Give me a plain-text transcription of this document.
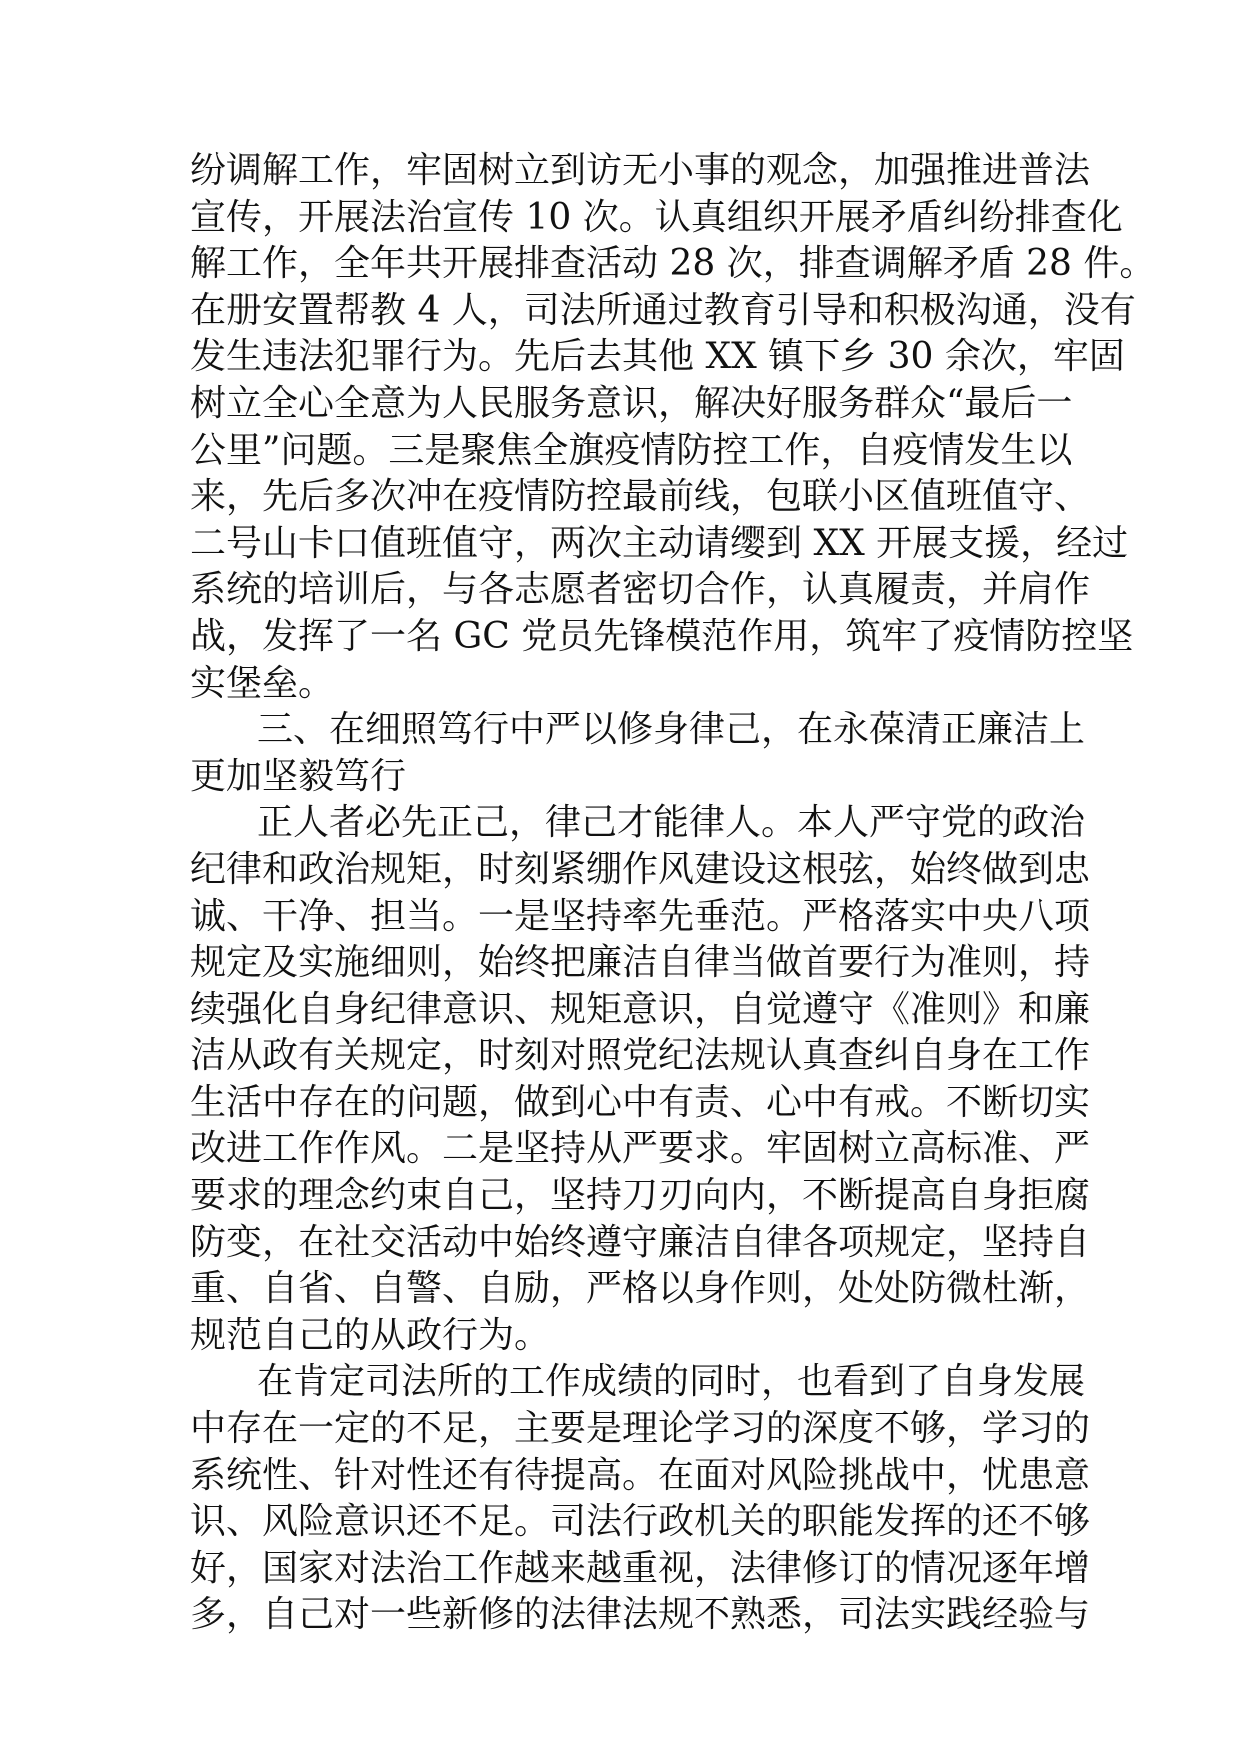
纷调解工作，牢固树立到访无小事的观念，加强推进普法
宣传，开展法治宣传 10 次。认真组织开展矛盾纠纷排查化
解工作，全年共开展排查活动 28 次，排查调解矛盾 28 件。
在册安置帮教 4 人，司法所通过教育引导和积极沟通，没有
发生违法犯罪行为。先后去其他 XX 镇下乡 30 余次，牢固
树立全心全意为人民服务意识，解决好服务群众“最后一
公里”问题。三是聚焦全旗疫情防控工作，自疫情发生以
来，先后多次冲在疫情防控最前线，包联小区值班值守、
二号山卡口值班值守，两次主动请缨到 XX 开展支援，经过
系统的培训后，与各志愿者密切合作，认真履责，并肩作
战，发挥了一名 GC 党员先锋模范作用，筑牢了疫情防控坚
实堡垒。
三、在细照笃行中严以修身律己，在永葆清正廉洁上
更加坚毅笃行
正人者必先正己，律己才能律人。本人严守党的政治
纪律和政治规矩，时刻紧绷作风建设这根弦，始终做到忠
诚、干净、担当。一是坚持率先垂范。严格落实中央八项
规定及实施细则，始终把廉洁自律当做首要行为准则，持
续强化自身纪律意识、规矩意识，自觉遵守《准则》和廉
洁从政有关规定，时刻对照党纪法规认真查纠自身在工作
生活中存在的问题，做到心中有责、心中有戒。不断切实
改进工作作风。二是坚持从严要求。牢固树立高标准、严
要求的理念约束自己，坚持刀刃向内，不断提高自身拒腐
防变，在社交活动中始终遵守廉洁自律各项规定，坚持自
重、自省、自警、自励，严格以身作则，处处防微杜渐，
规范自己的从政行为。
在肯定司法所的工作成绩的同时，也看到了自身发展
中存在一定的不足，主要是理论学习的深度不够，学习的
系统性、针对性还有待提高。在面对风险挑战中，忧患意
识、风险意识还不足。司法行政机关的职能发挥的还不够
好，国家对法治工作越来越重视，法律修订的情况逐年增
多，自己对一些新修的法律法规不熟悉，司法实践经验与
